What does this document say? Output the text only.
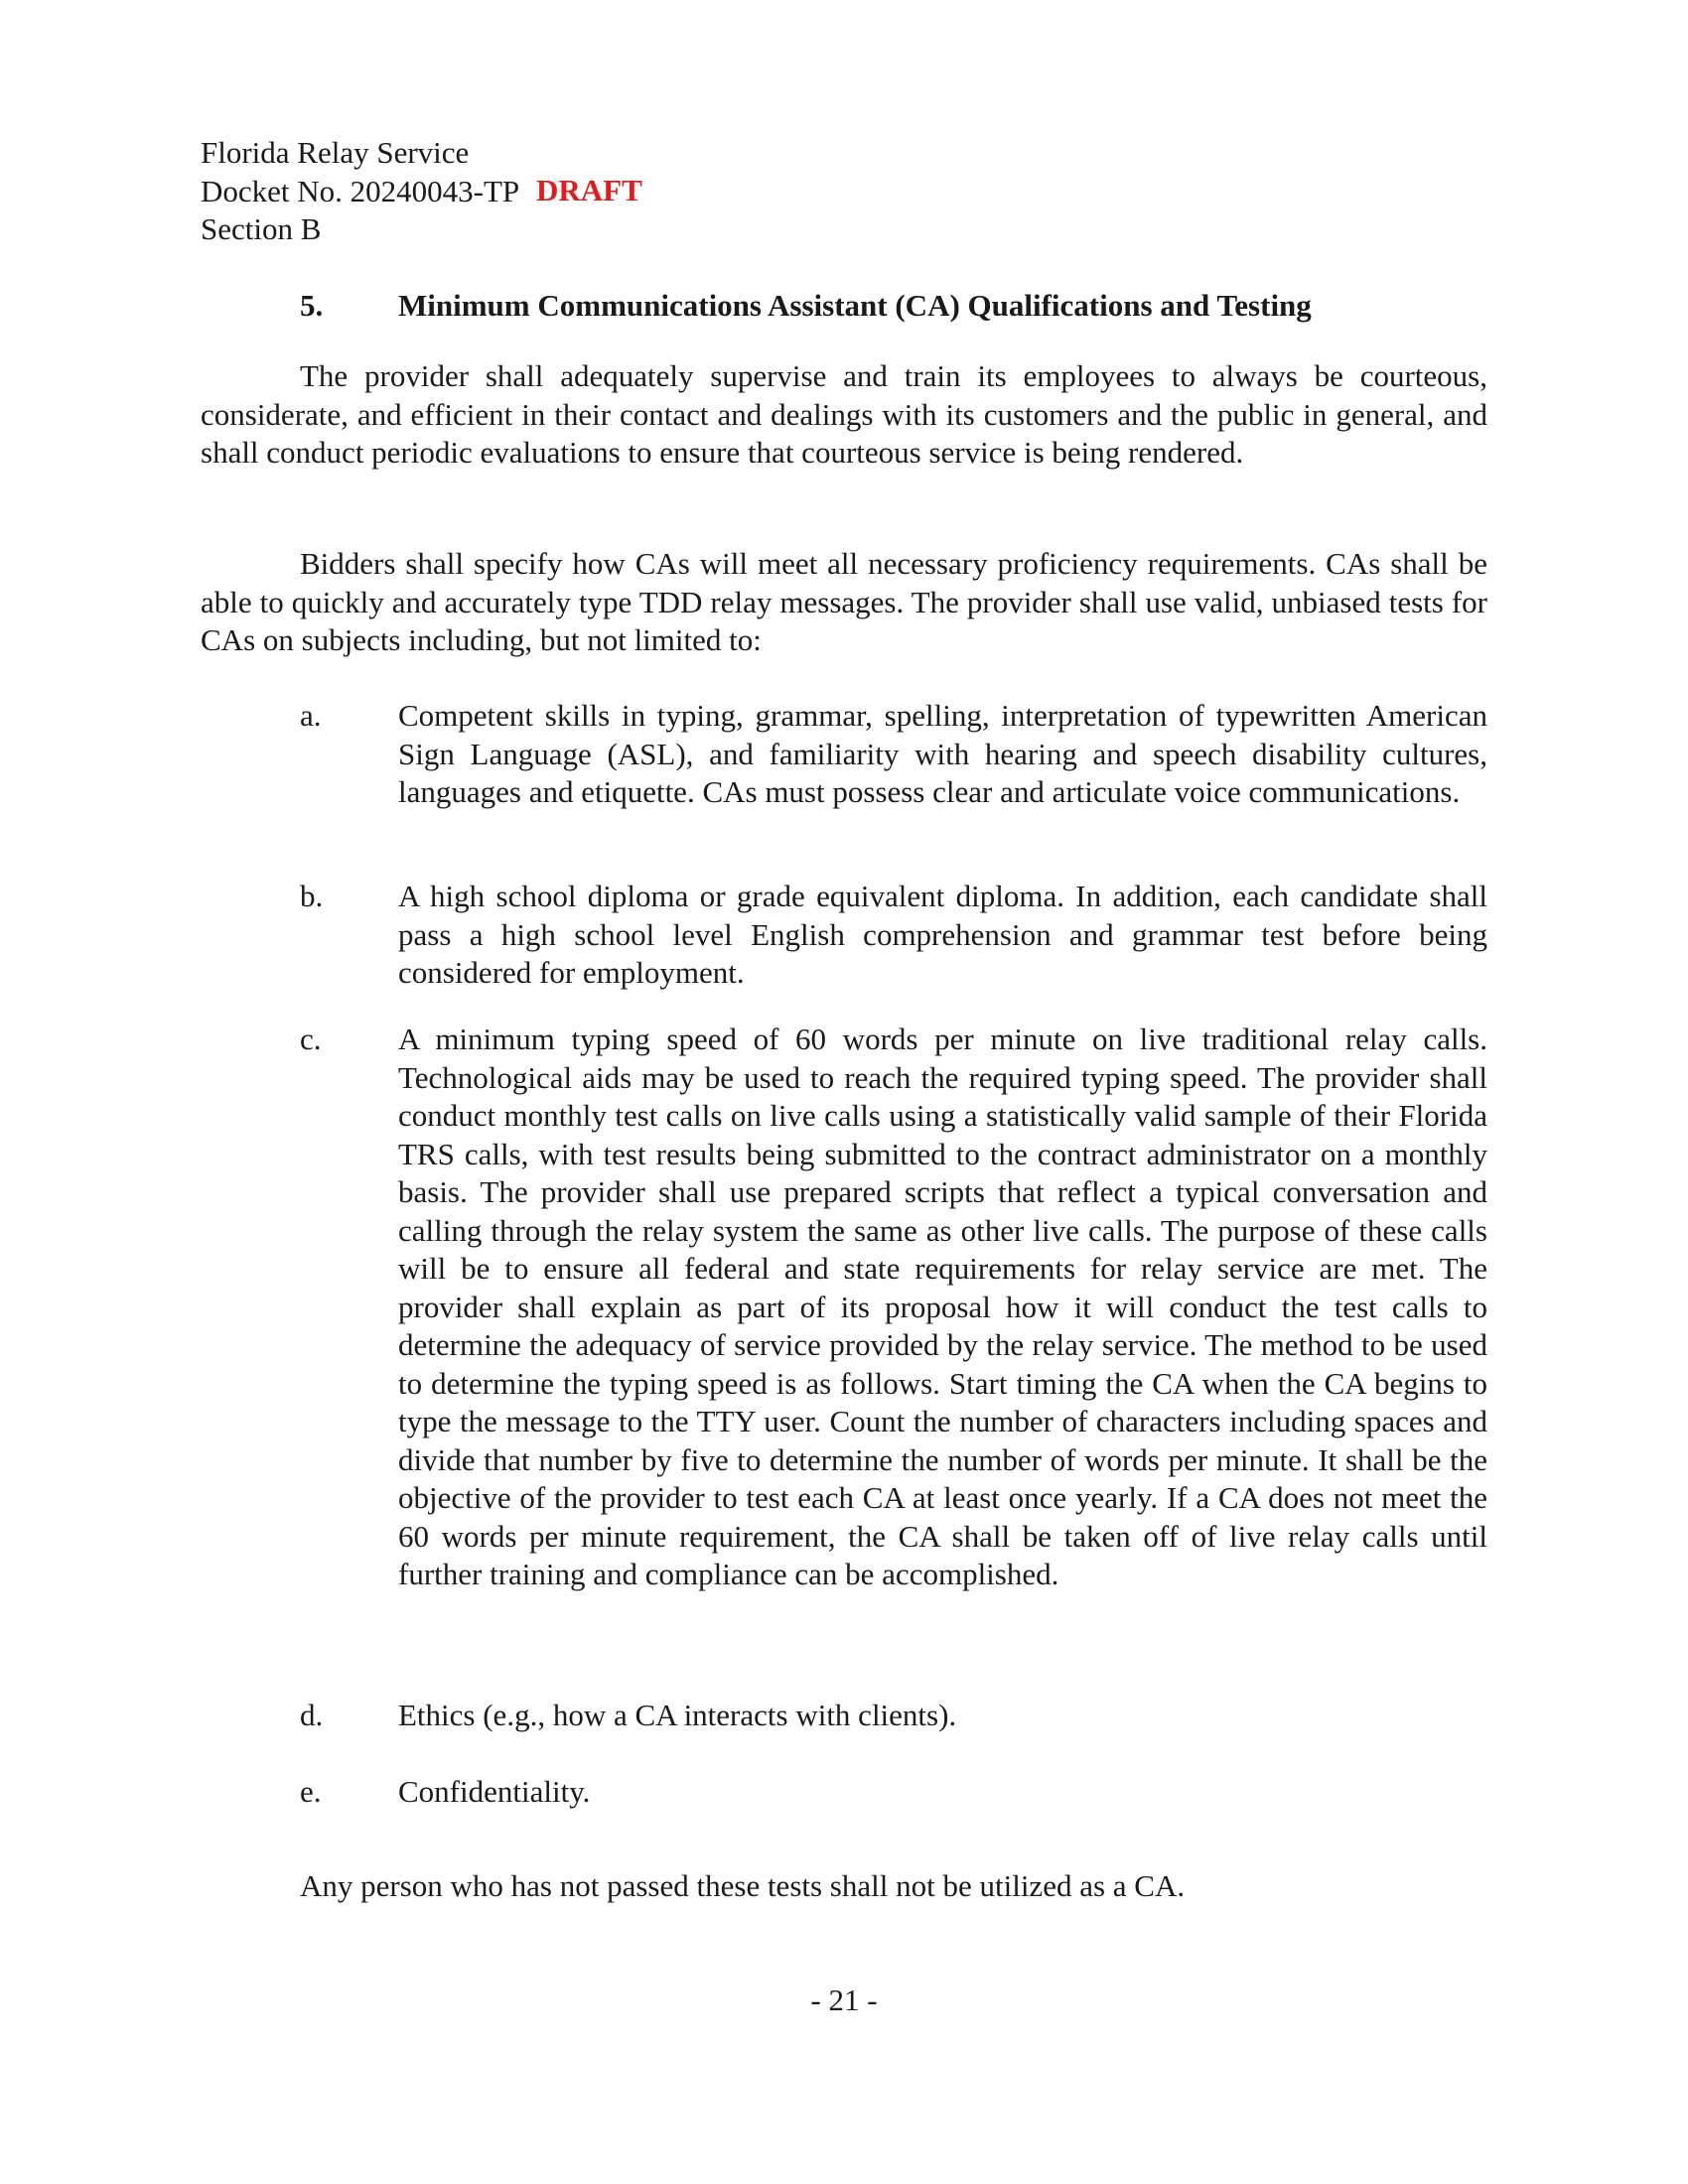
Florida Relay Service
Docket No. 20240043-TP
Section B
DRAFT
5. Minimum Communications Assistant (CA) Qualifications and Testing

The provider shall adequately supervise and train its employees to always be courteous, considerate, and efficient in their contact and dealings with its customers and the public in general, and shall conduct periodic evaluations to ensure that courteous service is being rendered.

Bidders shall specify how CAs will meet all necessary proficiency requirements. CAs shall be able to quickly and accurately type TDD relay messages. The provider shall use valid, unbiased tests for CAs on subjects including, but not limited to:

a.	Competent skills in typing, grammar, spelling, interpretation of typewritten American Sign Language (ASL), and familiarity with hearing and speech disability cultures, languages and etiquette. CAs must possess clear and articulate voice communications.

b.	A high school diploma or grade equivalent diploma. In addition, each candidate shall pass a high school level English comprehension and grammar test before being considered for employment.

c.	A minimum typing speed of 60 words per minute on live traditional relay calls. Technological aids may be used to reach the required typing speed. The provider shall conduct monthly test calls on live calls using a statistically valid sample of their Florida TRS calls, with test results being submitted to the contract administrator on a monthly basis. The provider shall use prepared scripts that reflect a typical conversation and calling through the relay system the same as other live calls. The purpose of these calls will be to ensure all federal and state requirements for relay service are met. The provider shall explain as part of its proposal how it will conduct the test calls to determine the adequacy of service provided by the relay service. The method to be used to determine the typing speed is as follows. Start timing the CA when the CA begins to type the message to the TTY user. Count the number of characters including spaces and divide that number by five to determine the number of words per minute. It shall be the objective of the provider to test each CA at least once yearly. If a CA does not meet the 60 words per minute requirement, the CA shall be taken off of live relay calls until further training and compliance can be accomplished.

d.	Ethics (e.g., how a CA interacts with clients).

e.	Confidentiality.

Any person who has not passed these tests shall not be utilized as a CA.
- 21 -
